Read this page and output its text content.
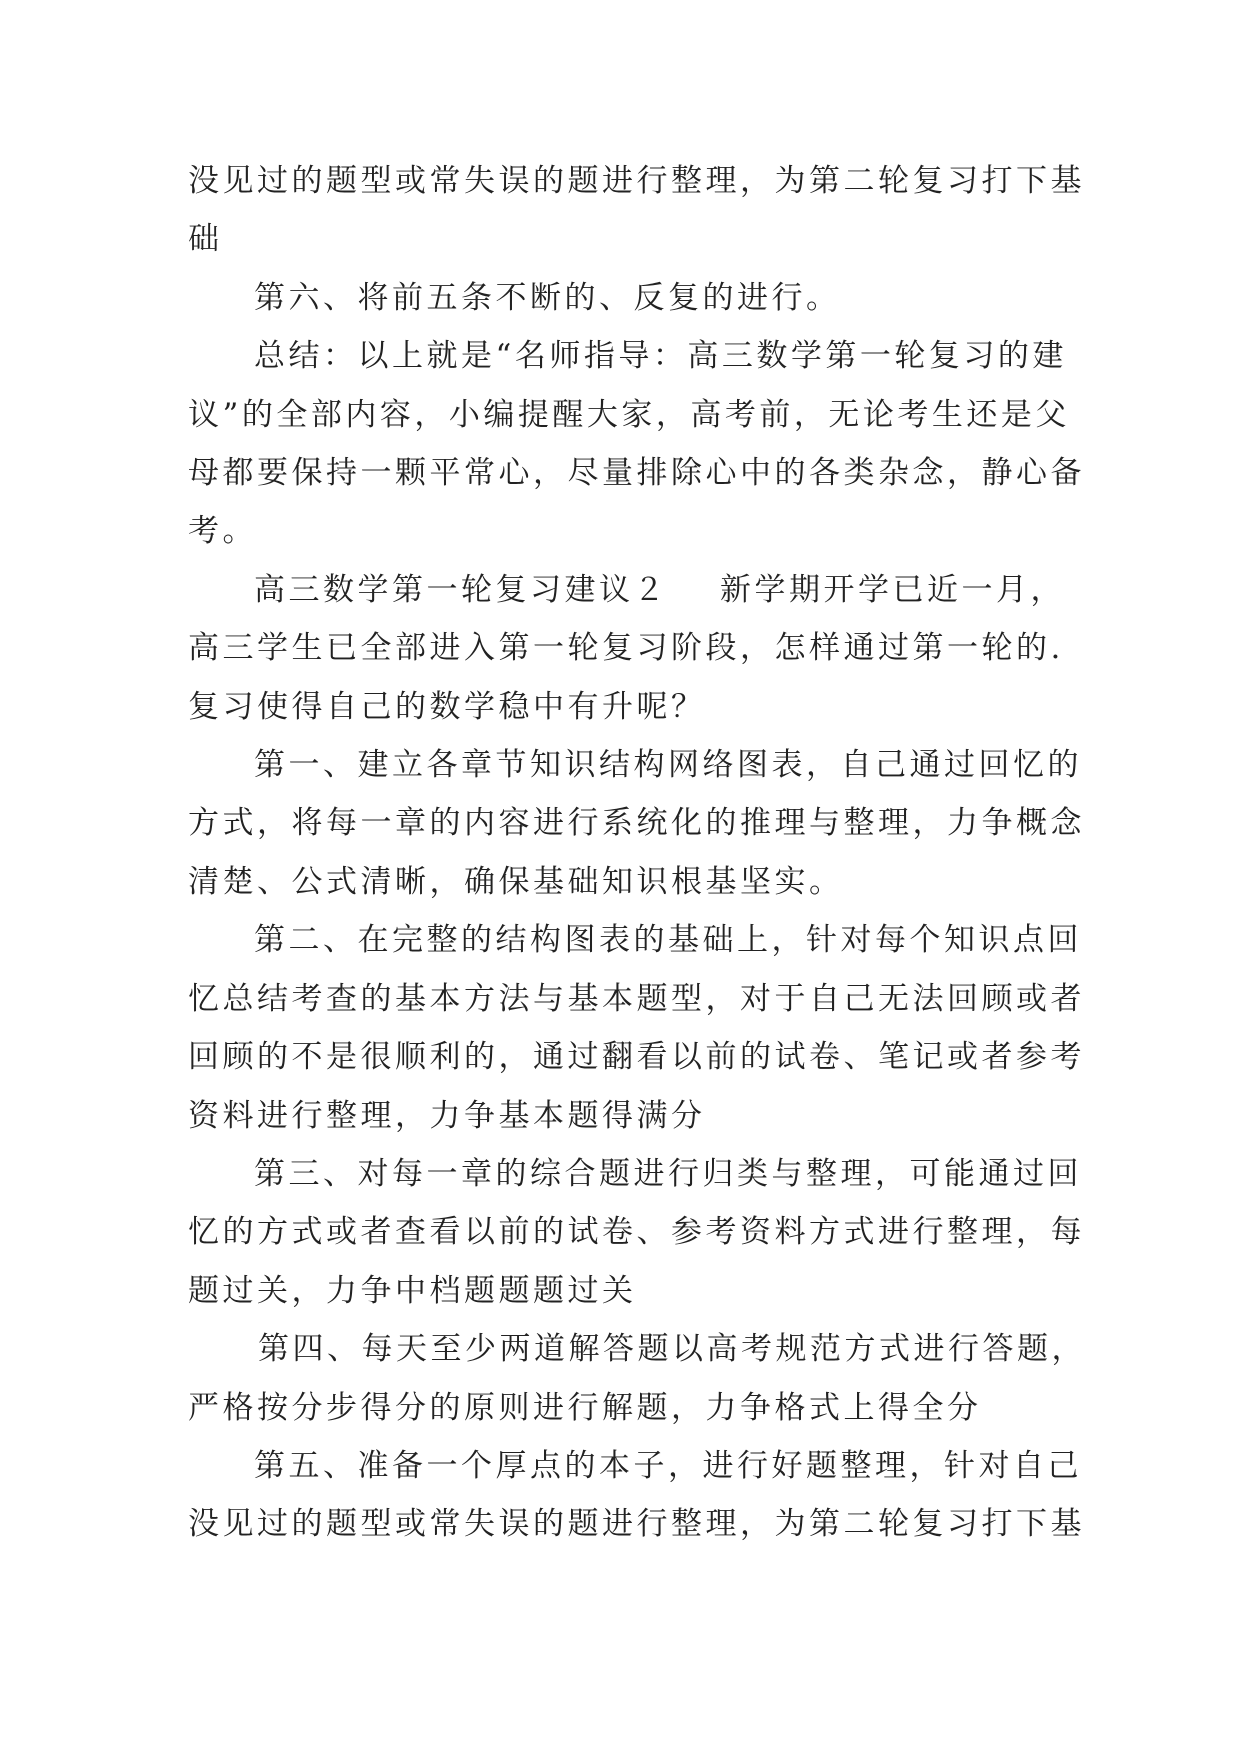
没见过的题型或常失误的题进行整理，为第二轮复习打下基

础

第六、将前五条不断的、反复的进行。

总结：以上就是“名师指导：高三数学第一轮复习的建

议”的全部内容，小编提醒大家，高考前，无论考生还是父

母都要保持一颗平常心，尽量排除心中的各类杂念，静心备

考。

高三数学第一轮复习建议２ 新学期开学已近一月，

高三学生已全部进入第一轮复习阶段，怎样通过第一轮的.

复习使得自己的数学稳中有升呢？

第一、建立各章节知识结构网络图表，自己通过回忆的

方式，将每一章的内容进行系统化的推理与整理，力争概念

清楚、公式清晰，确保基础知识根基坚实。

第二、在完整的结构图表的基础上，针对每个知识点回

忆总结考查的基本方法与基本题型，对于自己无法回顾或者

回顾的不是很顺利的，通过翻看以前的试卷、笔记或者参考

资料进行整理，力争基本题得满分

第三、对每一章的综合题进行归类与整理，可能通过回

忆的方式或者查看以前的试卷、参考资料方式进行整理，每

题过关，力争中档题题题过关

第四、每天至少两道解答题以高考规范方式进行答题，

严格按分步得分的原则进行解题，力争格式上得全分

第五、准备一个厚点的本子，进行好题整理，针对自己

没见过的题型或常失误的题进行整理，为第二轮复习打下基
